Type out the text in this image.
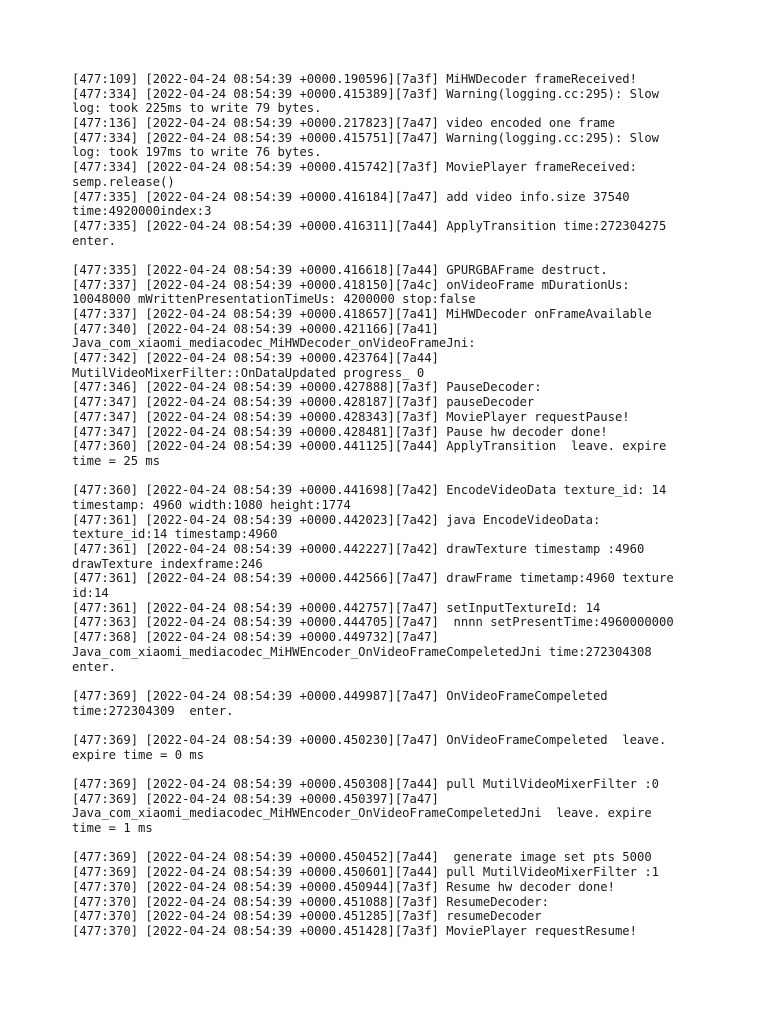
[477:109] [2022-04-24 08:54:39 +0000.190596][7a3f] MiHWDecoder frameReceived!
[477:334] [2022-04-24 08:54:39 +0000.415389][7a3f] Warning(logging.cc:295): Slow
log: took 225ms to write 79 bytes.
[477:136] [2022-04-24 08:54:39 +0000.217823][7a47] video encoded one frame
[477:334] [2022-04-24 08:54:39 +0000.415751][7a47] Warning(logging.cc:295): Slow
log: took 197ms to write 76 bytes.
[477:334] [2022-04-24 08:54:39 +0000.415742][7a3f] MoviePlayer frameReceived:
semp.release()
[477:335] [2022-04-24 08:54:39 +0000.416184][7a47] add video info.size 37540
time:4920000index:3
[477:335] [2022-04-24 08:54:39 +0000.416311][7a44] ApplyTransition time:272304275
enter.
[477:335] [2022-04-24 08:54:39 +0000.416618][7a44] GPURGBAFrame destruct.
[477:337] [2022-04-24 08:54:39 +0000.418150][7a4c] onVideoFrame mDurationUs:
10048000 mWrittenPresentationTimeUs: 4200000 stop:false
[477:337] [2022-04-24 08:54:39 +0000.418657][7a41] MiHWDecoder onFrameAvailable
[477:340] [2022-04-24 08:54:39 +0000.421166][7a41]
Java_com_xiaomi_mediacodec_MiHWDecoder_onVideoFrameJni:
[477:342] [2022-04-24 08:54:39 +0000.423764][7a44]
MutilVideoMixerFilter::OnDataUpdated progress_ 0
[477:346] [2022-04-24 08:54:39 +0000.427888][7a3f] PauseDecoder:
[477:347] [2022-04-24 08:54:39 +0000.428187][7a3f] pauseDecoder
[477:347] [2022-04-24 08:54:39 +0000.428343][7a3f] MoviePlayer requestPause!
[477:347] [2022-04-24 08:54:39 +0000.428481][7a3f] Pause hw decoder done!
[477:360] [2022-04-24 08:54:39 +0000.441125][7a44] ApplyTransition  leave. expire
time = 25 ms
[477:360] [2022-04-24 08:54:39 +0000.441698][7a42] EncodeVideoData texture_id: 14
timestamp: 4960 width:1080 height:1774
[477:361] [2022-04-24 08:54:39 +0000.442023][7a42] java EncodeVideoData:
texture_id:14 timestamp:4960
[477:361] [2022-04-24 08:54:39 +0000.442227][7a42] drawTexture timestamp :4960
drawTexture indexframe:246
[477:361] [2022-04-24 08:54:39 +0000.442566][7a47] drawFrame timetamp:4960 texture
id:14
[477:361] [2022-04-24 08:54:39 +0000.442757][7a47] setInputTextureId: 14
[477:363] [2022-04-24 08:54:39 +0000.444705][7a47]  nnnn setPresentTime:4960000000
[477:368] [2022-04-24 08:54:39 +0000.449732][7a47]
Java_com_xiaomi_mediacodec_MiHWEncoder_OnVideoFrameCompeletedJni time:272304308
enter.
[477:369] [2022-04-24 08:54:39 +0000.449987][7a47] OnVideoFrameCompeleted
time:272304309  enter.
[477:369] [2022-04-24 08:54:39 +0000.450230][7a47] OnVideoFrameCompeleted  leave.
expire time = 0 ms
[477:369] [2022-04-24 08:54:39 +0000.450308][7a44] pull MutilVideoMixerFilter :0
[477:369] [2022-04-24 08:54:39 +0000.450397][7a47]
Java_com_xiaomi_mediacodec_MiHWEncoder_OnVideoFrameCompeletedJni  leave. expire
time = 1 ms
[477:369] [2022-04-24 08:54:39 +0000.450452][7a44]  generate image set pts 5000
[477:369] [2022-04-24 08:54:39 +0000.450601][7a44] pull MutilVideoMixerFilter :1
[477:370] [2022-04-24 08:54:39 +0000.450944][7a3f] Resume hw decoder done!
[477:370] [2022-04-24 08:54:39 +0000.451088][7a3f] ResumeDecoder:
[477:370] [2022-04-24 08:54:39 +0000.451285][7a3f] resumeDecoder
[477:370] [2022-04-24 08:54:39 +0000.451428][7a3f] MoviePlayer requestResume!
